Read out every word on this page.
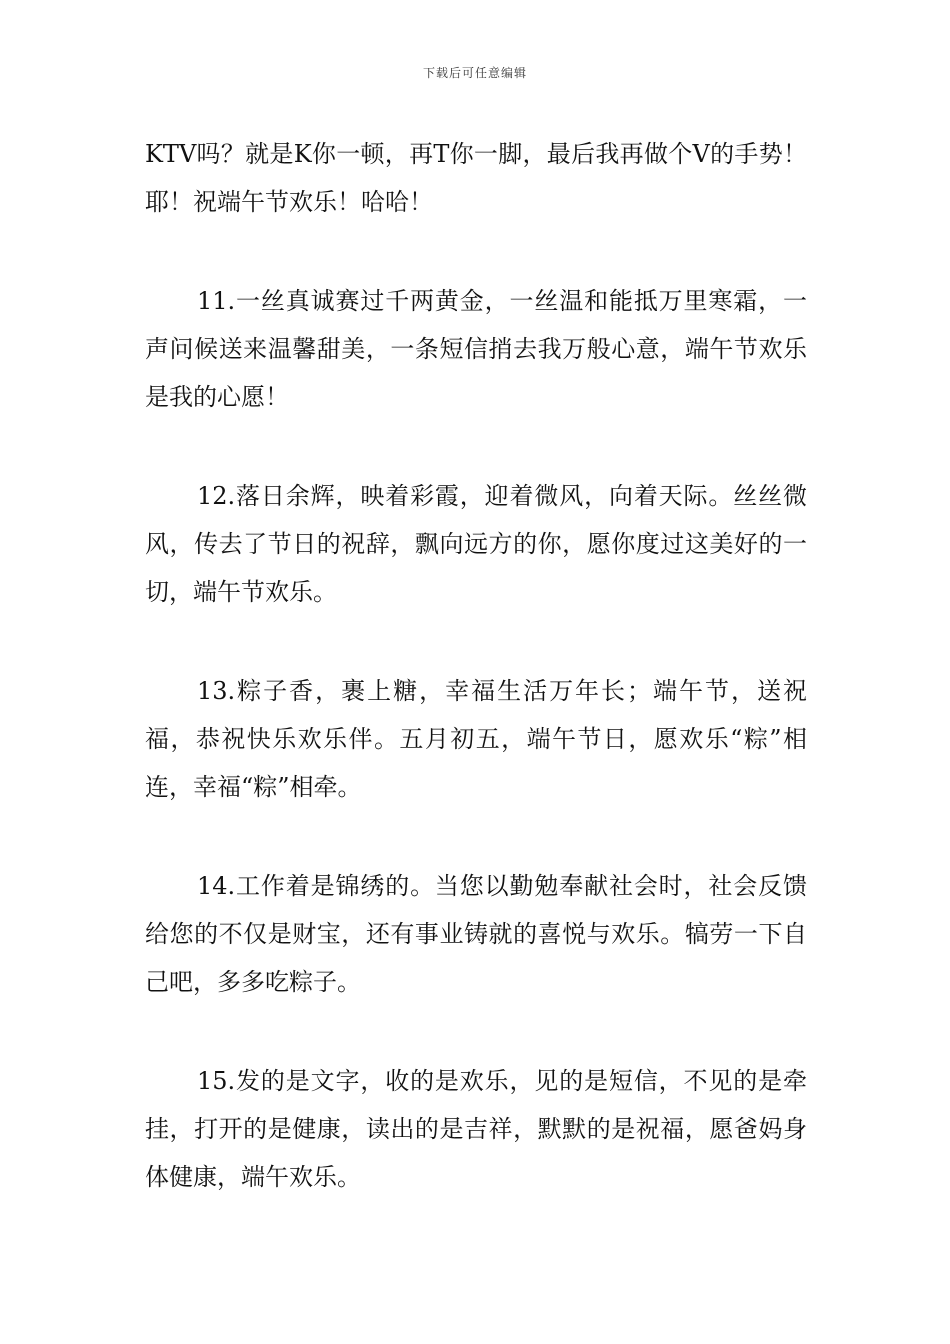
下载后可任意编辑

KTV吗？就是K你一顿，再T你一脚，最后我再做个V的手势！耶！祝端午节欢乐！哈哈！

11.一丝真诚赛过千两黄金，一丝温和能抵万里寒霜，一声问候送来温馨甜美，一条短信捎去我万般心意，端午节欢乐是我的心愿！

12.落日余辉，映着彩霞，迎着微风，向着天际。丝丝微风，传去了节日的祝辞，飘向远方的你，愿你度过这美好的一切，端午节欢乐。

13.粽子香，裹上糖，幸福生活万年长；端午节，送祝福，恭祝快乐欢乐伴。五月初五，端午节日，愿欢乐“粽”相连，幸福“粽”相牵。

14.工作着是锦绣的。当您以勤勉奉献社会时，社会反馈给您的不仅是财宝，还有事业铸就的喜悦与欢乐。犒劳一下自己吧，多多吃粽子。

15.发的是文字，收的是欢乐，见的是短信，不见的是牵挂，打开的是健康，读出的是吉祥，默默的是祝福，愿爸妈身体健康，端午欢乐。
